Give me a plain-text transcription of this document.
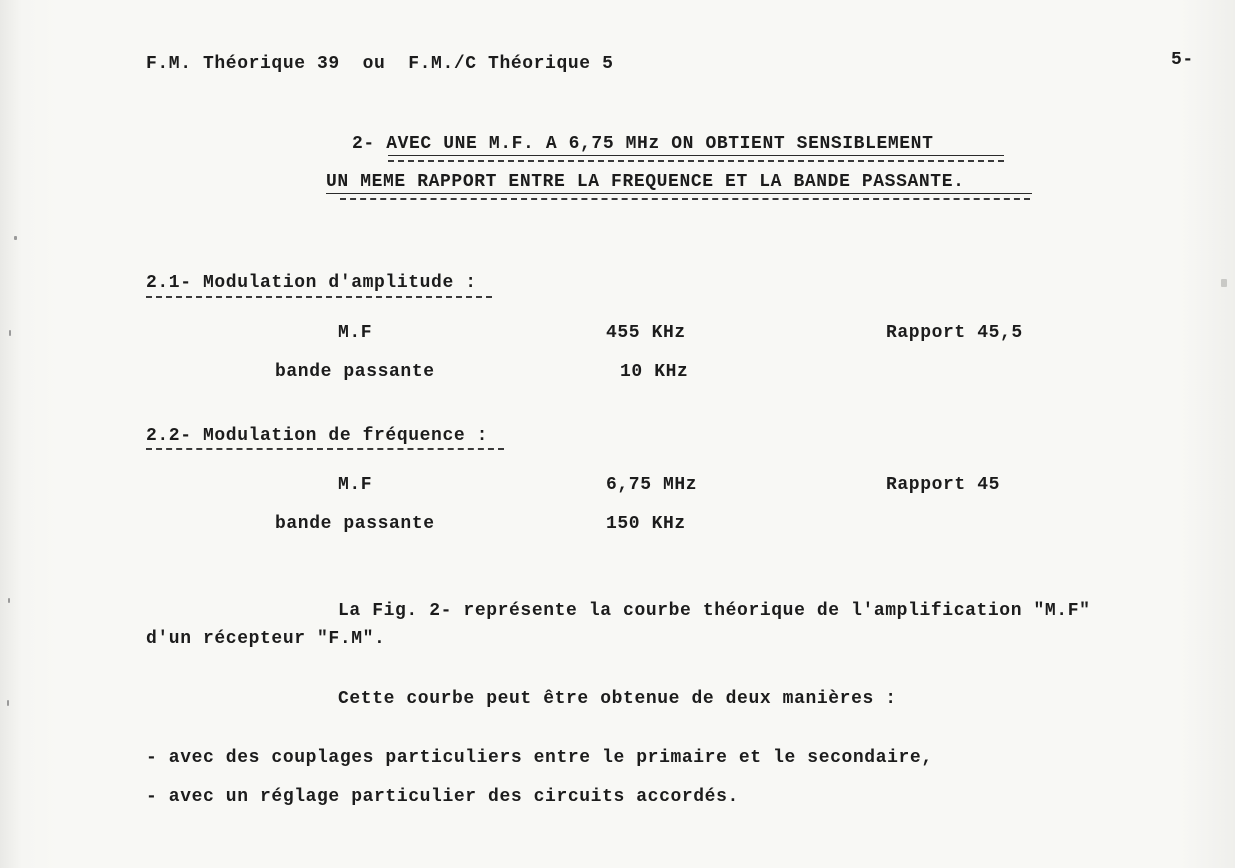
F.M. Théorique 39  ou  F.M./C Théorique 5	5-
2- AVEC UNE M.F. A 6,75 MHz ON OBTIENT SENSIBLEMENT
UN MEME RAPPORT ENTRE LA FREQUENCE ET LA BANDE PASSANTE.
2.1- Modulation d'amplitude :
M.F	455 KHz	Rapport 45,5
bande passante	10 KHz
2.2- Modulation de fréquence :
M.F	6,75 MHz	Rapport 45
bande passante	150 KHz
La Fig. 2- représente la courbe théorique de l'amplification "M.F"
d'un récepteur "F.M".
Cette courbe peut être obtenue de deux manières :
- avec des couplages particuliers entre le primaire et le secondaire,
- avec un réglage particulier des circuits accordés.
